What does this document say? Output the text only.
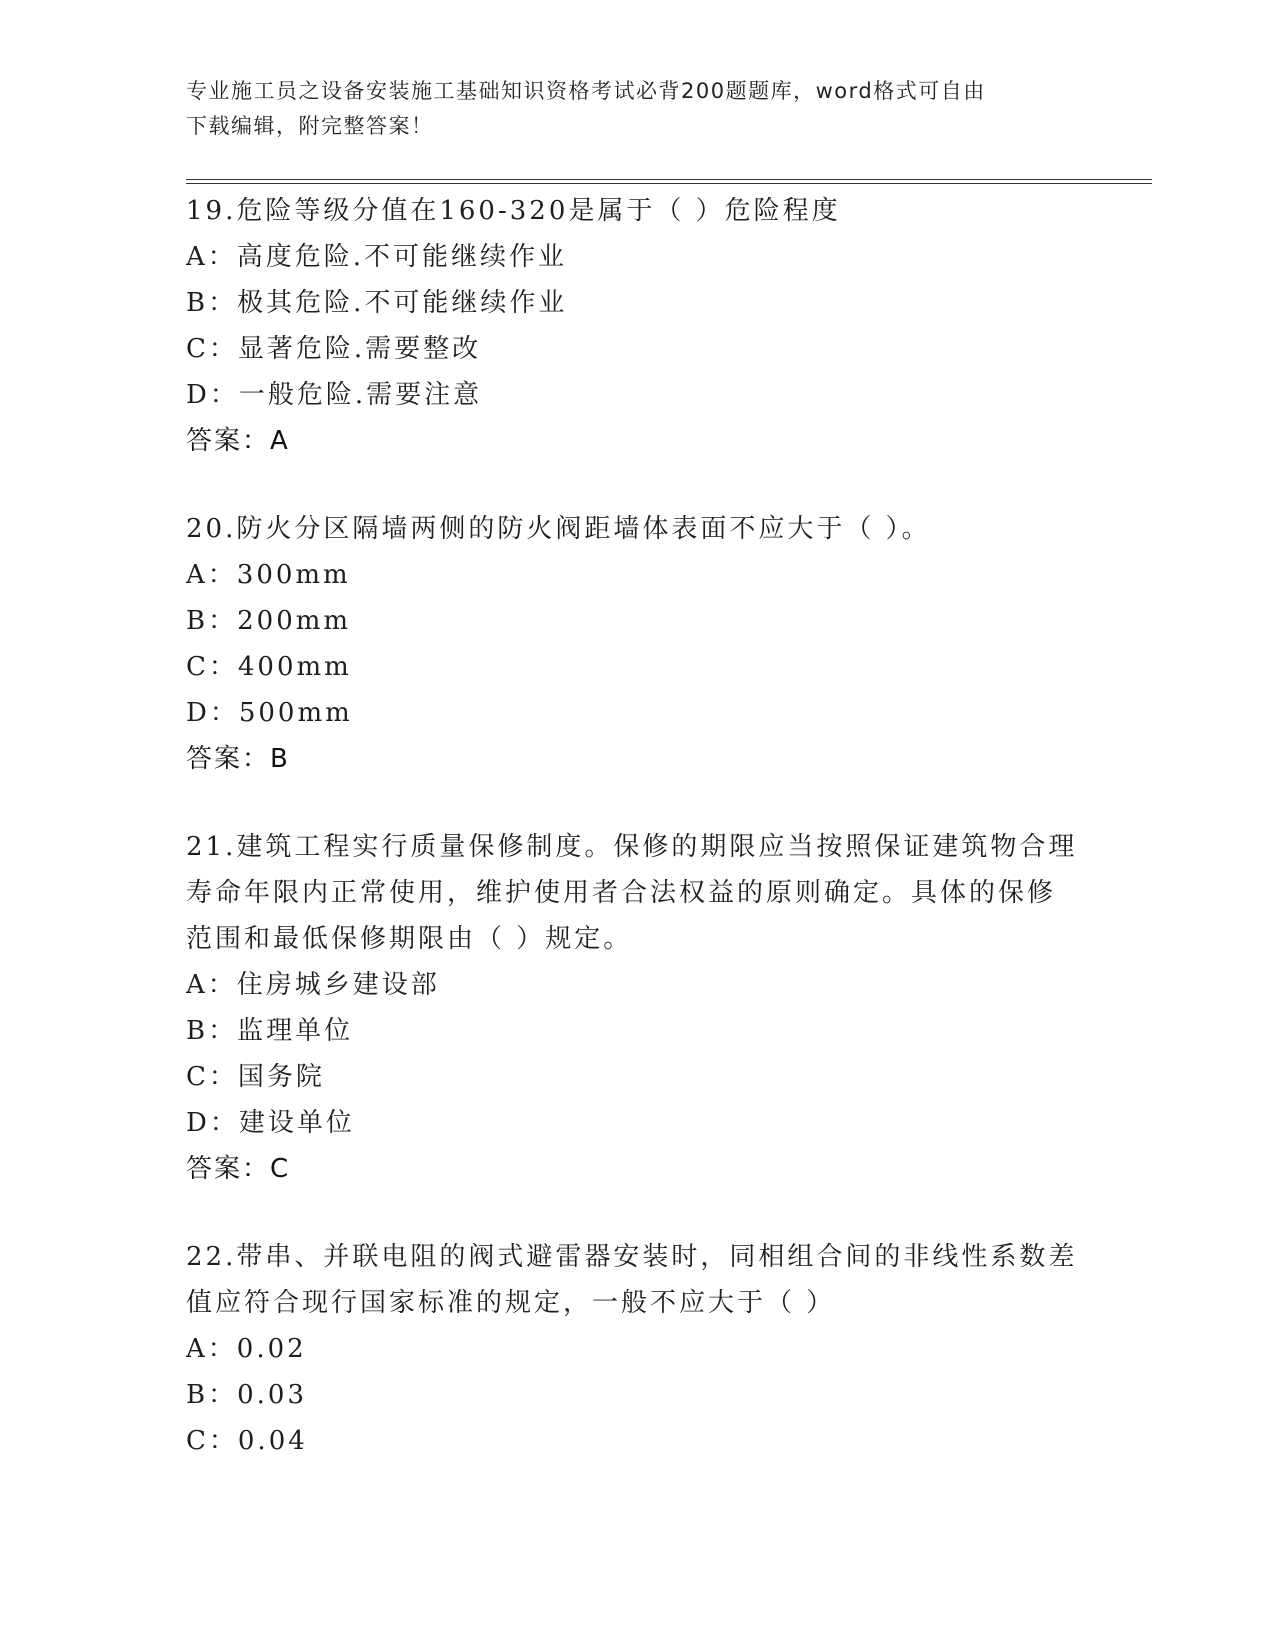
专业施工员之设备安装施工基础知识资格考试必背200题题库，word格式可自由
下载编辑，附完整答案！
19.危险等级分值在160-320是属于（ ）危险程度
A：高度危险.不可能继续作业
B：极其危险.不可能继续作业
C：显著危险.需要整改
D：一般危险.需要注意
答案：A
20.防火分区隔墙两侧的防火阀距墙体表面不应大于（ ）。
A：300mm
B：200mm
C：400mm
D：500mm
答案：B
21.建筑工程实行质量保修制度。保修的期限应当按照保证建筑物合理
寿命年限内正常使用，维护使用者合法权益的原则确定。具体的保修
范围和最低保修期限由（ ）规定。
A：住房城乡建设部
B：监理单位
C：国务院
D：建设单位
答案：C
22.带串、并联电阻的阀式避雷器安装时，同相组合间的非线性系数差
值应符合现行国家标准的规定，一般不应大于（ ）
A：0.02
B：0.03
C：0.04
